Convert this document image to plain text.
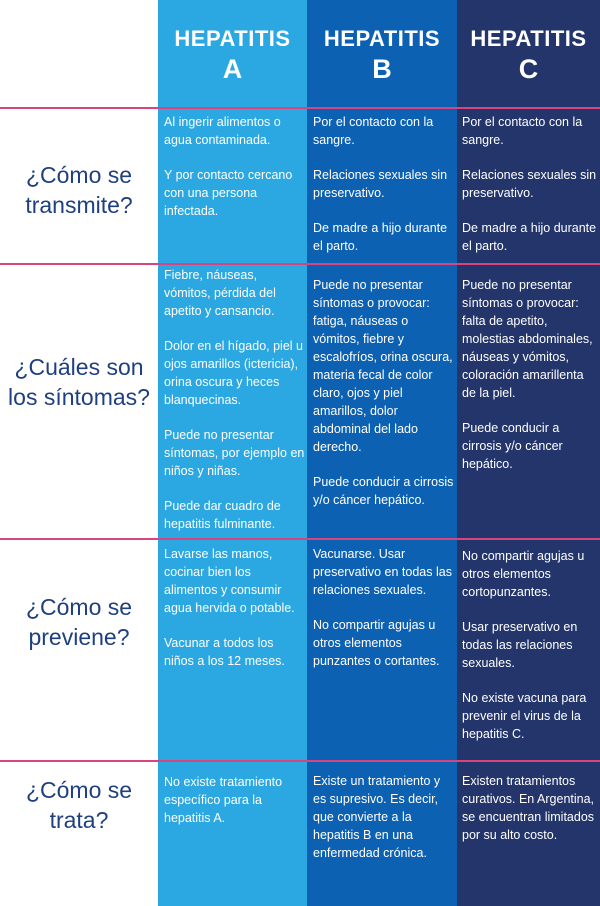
HEPATITIS
A
HEPATITIS
B
HEPATITIS
C
¿Cómo se
transmite?

Al ingerir alimentos o agua contaminada.

Y por contacto cercano con una persona infectada.

Por el contacto con la sangre.

Relaciones sexuales sin preservativo.

De madre a hijo durante el parto.

Por el contacto con la sangre.

Relaciones sexuales sin preservativo.

De madre a hijo durante el parto.

¿Cuáles son
los síntomas?

Fiebre, náuseas, vómitos, pérdida del apetito y cansancio.

Dolor en el hígado, piel u ojos amarillos (ictericia), orina oscura y heces blanquecinas.

Puede no presentar síntomas, por ejemplo en niños y niñas.

Puede dar cuadro de hepatitis fulminante.

Puede no presentar síntomas o provocar: fatiga, náuseas o vómitos, fiebre y escalofríos, orina oscura, materia fecal de color claro, ojos y piel amarillos, dolor abdominal del lado derecho.

Puede conducir a cirrosis y/o cáncer hepático.

Puede no presentar síntomas o provocar: falta de apetito, molestias abdominales, náuseas y vómitos, coloración amarillenta de la piel.

Puede conducir a cirrosis y/o cáncer hepático.

¿Cómo se
previene?

Lavarse las manos, cocinar bien los alimentos y consumir agua hervida o potable.

Vacunar a todos los niños a los 12 meses.

Vacunarse. Usar preservativo en todas las relaciones sexuales.

No compartir agujas u otros elementos punzantes o cortantes.

No compartir agujas u otros elementos cortopunzantes.

Usar preservativo en todas las relaciones sexuales.

No existe vacuna para prevenir el virus de la hepatitis C.

¿Cómo se
trata?

No existe tratamiento específico para la hepatitis A.

Existe un tratamiento y es supresivo. Es decir, que convierte a la hepatitis B en una enfermedad crónica.

Existen tratamientos curativos. En Argentina, se encuentran limitados por su alto costo.
